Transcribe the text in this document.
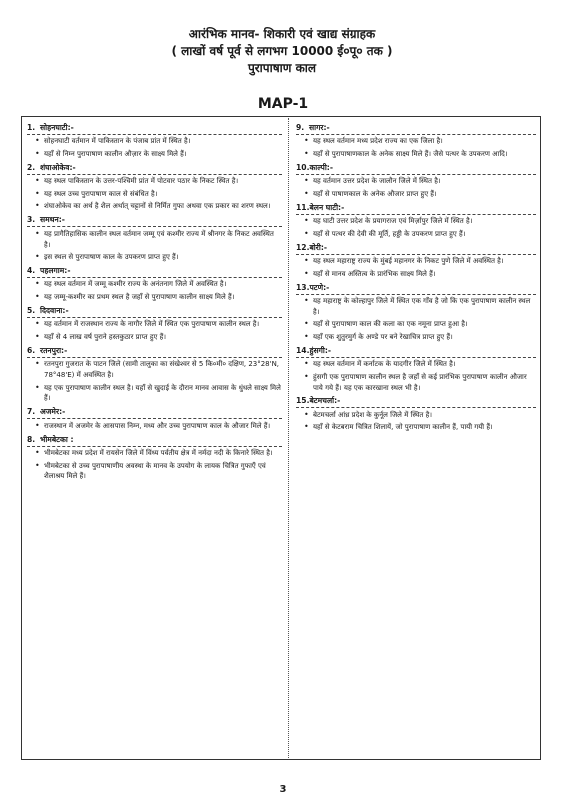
आरंभिक मानव- शिकारी एवं खाद्य संग्राहक
( लाखों वर्ष पूर्व से लगभग 10000 ई०पू० तक )
पुरापाषाण काल
MAP-1
1. सोहनघाटी:-
• सोहनघाटी वर्तमान में पाकिस्तान के पंजाब प्रांत में स्थित है।
• यहाँ से निम्न पुरापाषाण कालीन औज़ार के साक्ष्य मिले हैं।
2. शंघाओकेव:-
• यह स्थल पाकिस्तान के उत्तर-पश्चिमी प्रांत में पोटवार पठार के निकट स्थित है।
• यह स्थल उच्च पुरापाषाण काल से संबंधित है।
• शंघाओकेव का अर्थ है शैल अर्थात् चट्टानों से निर्मित गुफा अथवा एक प्रकार का शरण स्थल।
3. समथन:-
• यह प्रागैतिहासिक कालीन स्थल वर्तमान जम्मू एवं कश्मीर राज्य में श्रीनगर के निकट अवस्थित है।
• इस स्थल से पुरापाषाण काल के उपकरण प्राप्त हुए हैं।
4. पहलगाम:-
• यह स्थल वर्तमान में जम्मू कश्मीर राज्य के अनंतनाग जिले में अवस्थित है।
• यह जम्मू-कश्मीर का प्रथम स्थल है जहाँ से पुरापाषाण कालीन साक्ष्य मिले हैं।
5. दिदवाना:-
• यह वर्तमान में राजस्थान राज्य के नागौर जिले में स्थित एक पुरापाषाण कालीन स्थल है।
• यहाँ से 4 लाख वर्ष पुराने हस्तकुठार प्राप्त हुए हैं।
6. रतनपुरा:-
• रतनपुरा गुजरात के पाटन जिले (सामी तालुका का संखेश्वर से 5 कि०मी० दक्षिण, 23°28'N, 78°48'E) में अवस्थित है।
• यह एक पुरापाषाण कालीन स्थल है। यहाँ से खुदाई के दौरान मानव आवास के धुंधले साक्ष्य मिले हैं।
7. अजमेर:-
• राजस्थान में अजमेर के आसपास निम्न, मध्य और उच्च पुरापाषाण काल के औजार मिले हैं।
8. भीमबेटका :
• भीमबेटका मध्य प्रदेश में रायसेन जिले में विंध्य पर्वतीय क्षेत्र में नर्मदा नदी के किनारे स्थित है।
• भीमबेटका से उच्च पुरापाषाणीय अवस्था के मानव के उपयोग के लायक चित्रित गुफाएँ एवं शैलाश्रय मिले हैं।
9. सागर:-
• यह स्थल वर्तमान मध्य प्रदेश राज्य का एक जिला है।
• यहाँ से पुरापाषाणकाल के अनेक साक्ष्य मिले हैं। जैसे पत्थर के उपकरण आदि।
10.काल्पी:-
• यह वर्तमान उत्तर प्रदेश के जालौन जिले में स्थित है।
• यहाँ से पाषाणकाल के अनेक औजार प्राप्त हुए हैं।
11.बेलन घाटी:-
• यह घाटी उत्तर प्रदेश के प्रयागराज एवं मिर्ज़ापुर जिले में स्थित है।
• यहाँ से पत्थर की देवी की मूर्ति, हड्डी के उपकरण प्राप्त हुए हैं।
12.बोरी:-
• यह स्थल महाराष्ट्र राज्य के मुंबई महानगर के निकट पुणे जिले में अवस्थित है।
• यहाँ से मानव अस्तित्व के प्रारंभिक साक्ष्य मिले हैं।
13.पटणे:-
• यह महाराष्ट्र के कोल्हापुर जिले में स्थित एक गाँव है जो कि एक पुरापाषाण कालीन स्थल है।
• यहाँ से पुरापाषाण काल की कला का एक नमूना प्राप्त हुआ है।
• यहाँ एक शुतुरमुर्ग के अण्डे पर बने रेखाचित्र प्राप्त हुए हैं।
14.हुंसगी:-
• यह स्थल वर्तमान में कर्नाटक के यादगीर जिले में स्थित है।
• हुंसगी एक पुरापाषाण कालीन स्थल है जहाँ से कई प्रारंभिक पुरापाषाण कालीन औजार पाये गये हैं। यह एक कारखाना स्थल भी है।
15.बेटमचर्ला:-
• बेटमचर्ला आंध्र प्रदेश के कुर्नूल जिले में स्थित है।
• यहाँ से केटबराम चित्रित शिलायें, जो पुरापाषाण कालीन हैं, पायी गयी हैं।
3
